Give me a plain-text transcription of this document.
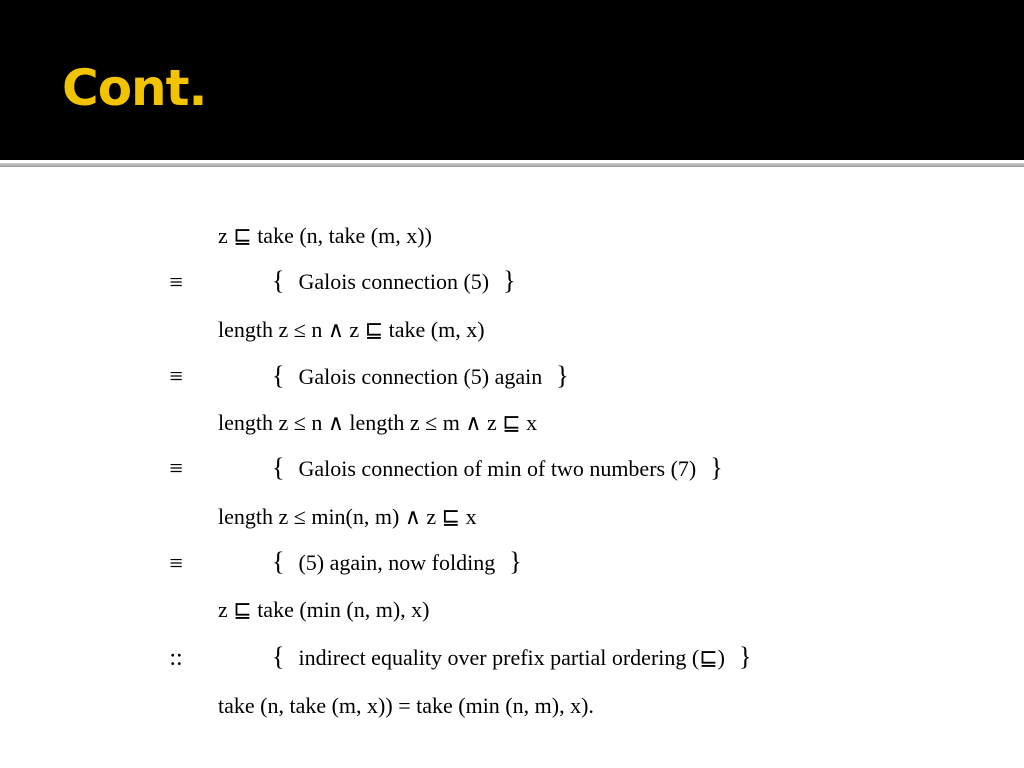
Cont.
z ⊑ take (n, take (m, x))
≡	{ Galois connection (5) }
length z ≤ n ∧ z ⊑ take (m, x)
≡	{ Galois connection (5) again }
length z ≤ n ∧ length z ≤ m ∧ z ⊑ x
≡	{ Galois connection of min of two numbers (7) }
length z ≤ min(n, m) ∧ z ⊑ x
≡	{ (5) again, now folding }
z ⊑ take (min (n, m), x)
::	{ indirect equality over prefix partial ordering (⊑) }
take (n, take (m, x)) = take (min (n, m), x).
